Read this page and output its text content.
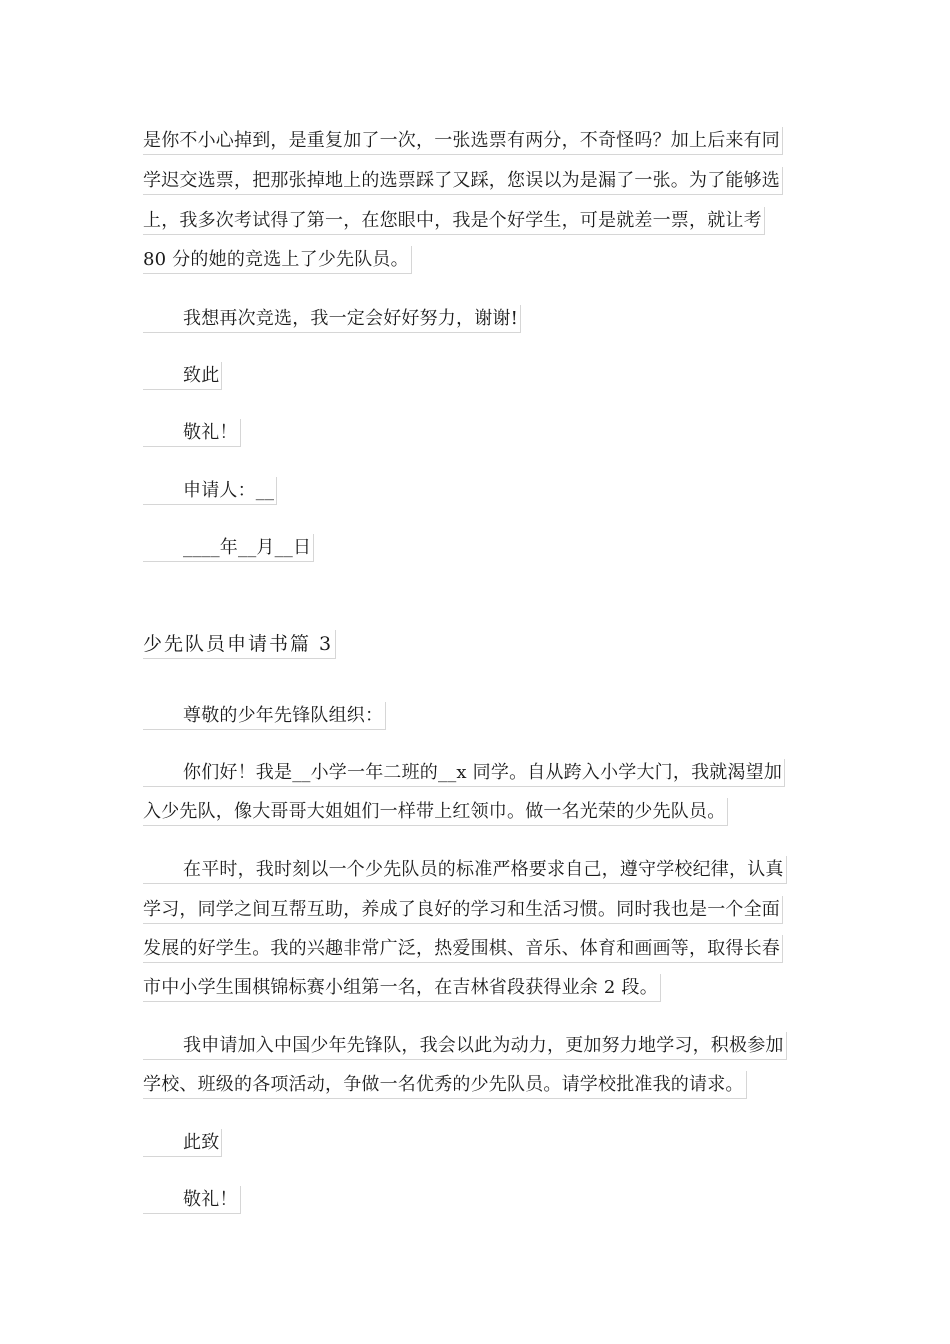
是你不小心掉到，是重复加了一次，一张选票有两分，不奇怪吗？加上后来有同
学迟交选票，把那张掉地上的选票踩了又踩，您误以为是漏了一张。为了能够选
上，我多次考试得了第一，在您眼中，我是个好学生，可是就差一票，就让考
80 分的她的竞选上了少先队员。
我想再次竞选，我一定会好好努力，谢谢!
致此
敬礼！
申请人：__
____年__月__日
少先队员申请书篇 3
尊敬的少年先锋队组织：
你们好！我是__小学一年二班的__x 同学。自从跨入小学大门，我就渴望加
入少先队，像大哥哥大姐姐们一样带上红领巾。做一名光荣的少先队员。
在平时，我时刻以一个少先队员的标准严格要求自己，遵守学校纪律，认真
学习，同学之间互帮互助，养成了良好的学习和生活习惯。同时我也是一个全面
发展的好学生。我的兴趣非常广泛，热爱围棋、音乐、体育和画画等，取得长春
市中小学生围棋锦标赛小组第一名，在吉林省段获得业余 2 段。
我申请加入中国少年先锋队，我会以此为动力，更加努力地学习，积极参加
学校、班级的各项活动，争做一名优秀的少先队员。请学校批准我的请求。
此致
敬礼！
